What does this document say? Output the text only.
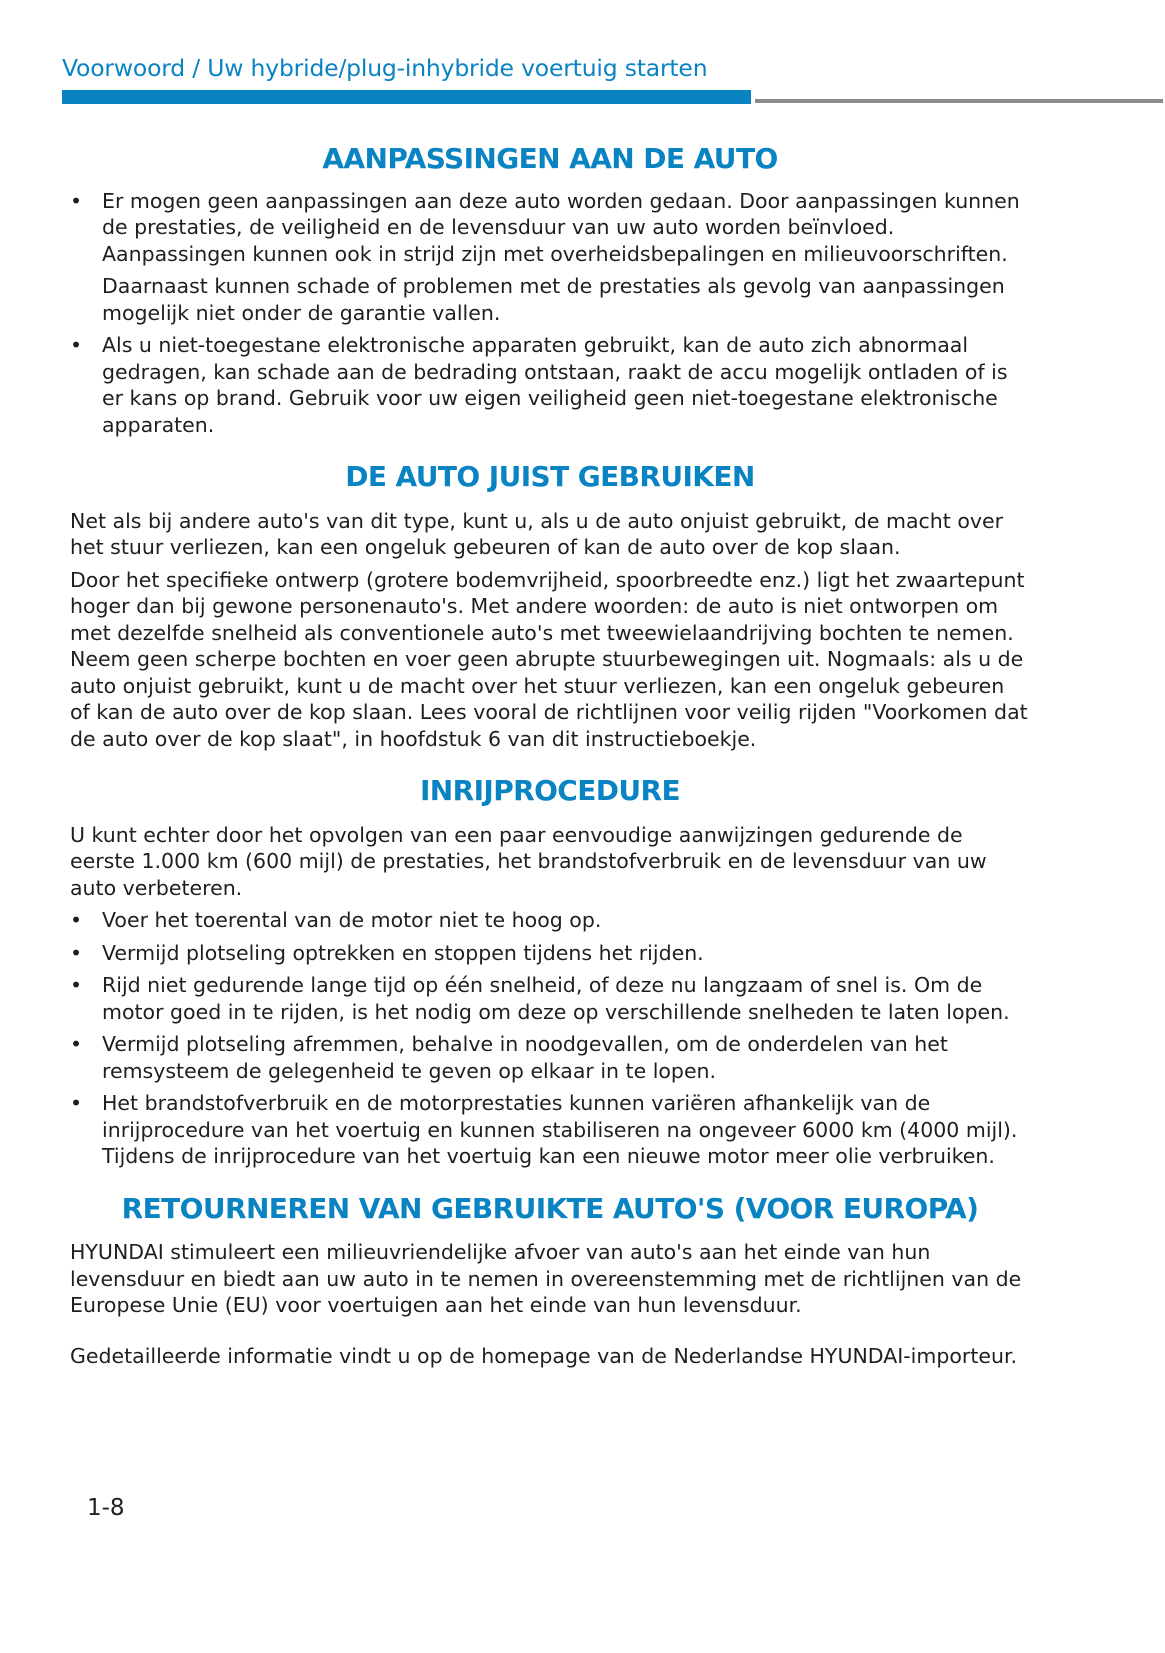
Voorwoord / Uw hybride/plug-inhybride voertuig starten
AANPASSINGEN AAN DE AUTO

• Er mogen geen aanpassingen aan deze auto worden gedaan. Door aanpassingen kunnen de prestaties, de veiligheid en de levensduur van uw auto worden beïnvloed. Aanpassingen kunnen ook in strijd zijn met overheidsbepalingen en milieuvoorschriften.

Daarnaast kunnen schade of problemen met de prestaties als gevolg van aanpassingen mogelijk niet onder de garantie vallen.

• Als u niet-toegestane elektronische apparaten gebruikt, kan de auto zich abnormaal gedragen, kan schade aan de bedrading ontstaan, raakt de accu mogelijk ontladen of is er kans op brand. Gebruik voor uw eigen veiligheid geen niet-toegestane elektronische apparaten.

DE AUTO JUIST GEBRUIKEN

Net als bij andere auto's van dit type, kunt u, als u de auto onjuist gebruikt, de macht over het stuur verliezen, kan een ongeluk gebeuren of kan de auto over de kop slaan.

Door het specifieke ontwerp (grotere bodemvrijheid, spoorbreedte enz.) ligt het zwaartepunt hoger dan bij gewone personenauto's. Met andere woorden: de auto is niet ontworpen om met dezelfde snelheid als conventionele auto's met tweewielaandrijving bochten te nemen. Neem geen scherpe bochten en voer geen abrupte stuurbewegingen uit. Nogmaals: als u de auto onjuist gebruikt, kunt u de macht over het stuur verliezen, kan een ongeluk gebeuren of kan de auto over de kop slaan. Lees vooral de richtlijnen voor veilig rijden "Voorkomen dat de auto over de kop slaat", in hoofdstuk 6 van dit instructieboekje.

INRIJPROCEDURE

U kunt echter door het opvolgen van een paar eenvoudige aanwijzingen gedurende de eerste 1.000 km (600 mijl) de prestaties, het brandstofverbruik en de levensduur van uw auto verbeteren.

• Voer het toerental van de motor niet te hoog op.
• Vermijd plotseling optrekken en stoppen tijdens het rijden.
• Rijd niet gedurende lange tijd op één snelheid, of deze nu langzaam of snel is. Om de motor goed in te rijden, is het nodig om deze op verschillende snelheden te laten lopen.
• Vermijd plotseling afremmen, behalve in noodgevallen, om de onderdelen van het remsysteem de gelegenheid te geven op elkaar in te lopen.
• Het brandstofverbruik en de motorprestaties kunnen variëren afhankelijk van de inrijprocedure van het voertuig en kunnen stabiliseren na ongeveer 6000 km (4000 mijl). Tijdens de inrijprocedure van het voertuig kan een nieuwe motor meer olie verbruiken.
RETOURNEREN VAN GEBRUIKTE AUTO'S (VOOR EUROPA)

HYUNDAI stimuleert een milieuvriendelijke afvoer van auto's aan het einde van hun levensduur en biedt aan uw auto in te nemen in overeenstemming met de richtlijnen van de Europese Unie (EU) voor voertuigen aan het einde van hun levensduur.

Gedetailleerde informatie vindt u op de homepage van de Nederlandse HYUNDAI-importeur.

1-8
